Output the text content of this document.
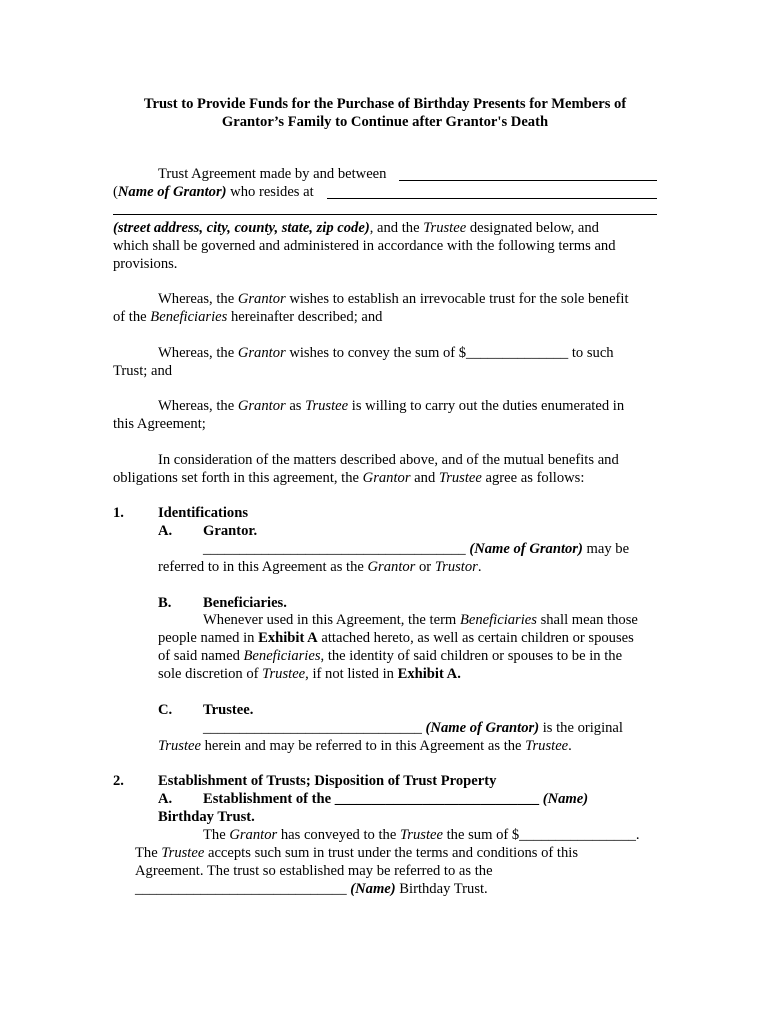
Trust to Provide Funds for the Purchase of Birthday Presents for Members of
Grantor’s Family to Continue after Grantor's Death
Trust Agreement made by and between
(Name of Grantor) who resides at
(street address, city, county, state, zip code), and the Trustee designated below, and
which shall be governed and administered in accordance with the following terms and
provisions.
Whereas, the Grantor wishes to establish an irrevocable trust for the sole benefit
of the Beneficiaries hereinafter described; and
Whereas, the Grantor wishes to convey the sum of $______________ to such
Trust; and
Whereas, the Grantor as Trustee is willing to carry out the duties enumerated in
this Agreement;
In consideration of the matters described above, and of the mutual benefits and
obligations set forth in this agreement, the Grantor and Trustee agree as follows:
1. Identifications
A. Grantor.
____________________________________ (Name of Grantor) may be
referred to in this Agreement as the Grantor or Trustor.
B. Beneficiaries.
Whenever used in this Agreement, the term Beneficiaries shall mean those
people named in Exhibit A attached hereto, as well as certain children or spouses
of said named Beneficiaries, the identity of said children or spouses to be in the
sole discretion of Trustee, if not listed in Exhibit A.
C. Trustee.
______________________________ (Name of Grantor) is the original
Trustee herein and may be referred to in this Agreement as the Trustee.
2. Establishment of Trusts; Disposition of Trust Property
A. Establishment of the ____________________________ (Name)
Birthday Trust.
The Grantor has conveyed to the Trustee the sum of $________________.
The Trustee accepts such sum in trust under the terms and conditions of this
Agreement. The trust so established may be referred to as the
_____________________________ (Name) Birthday Trust.
